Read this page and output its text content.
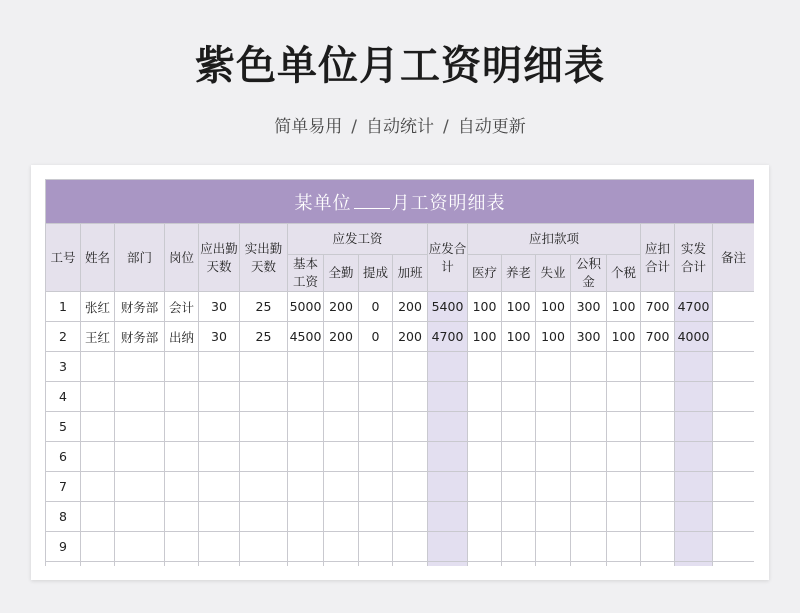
紫色单位月工资明细表
简单易用 / 自动统计 / 自动更新
某单位 月工资明细表																		
工号	姓名	部门	岗位	应出勤天数	实出勤天数	应发工资				应发合计	应扣款项					应扣合计	实发合计	备注
						基本工资	全勤	提成	加班		医疗	养老	失业	公积金	个税			
1	张红	财务部	会计	30	25	5000	200	0	200	5400	100	100	100	300	100	700	4700	
2	王红	财务部	出纳	30	25	4500	200	0	200	4700	100	100	100	300	100	700	4000	
3																		
4																		
5																		
6																		
7																		
8																		
9																		
